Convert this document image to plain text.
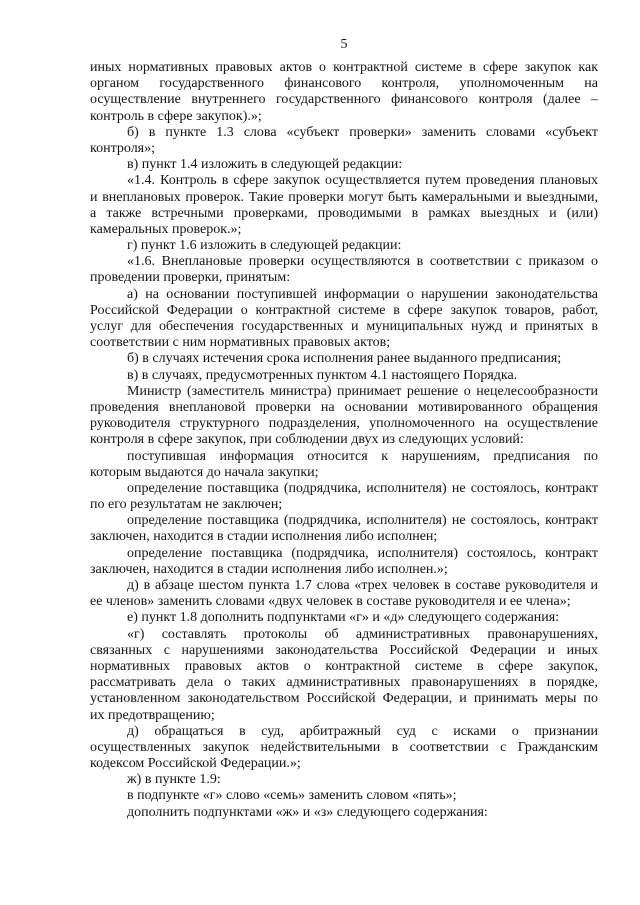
5
иных нормативных правовых актов о контрактной системе в сфере закупок как
органом государственного финансового контроля, уполномоченным на
осуществление внутреннего государственного финансового контроля (далее –
контроль в сфере закупок).»;
б) в пункте 1.3 слова «субъект проверки» заменить словами «субъект
контроля»;
в) пункт 1.4 изложить в следующей редакции:
«1.4. Контроль в сфере закупок осуществляется путем проведения плановых
и внеплановых проверок. Такие проверки могут быть камеральными и выездными,
а также встречными проверками, проводимыми в рамках выездных и (или)
камеральных проверок.»;
г) пункт 1.6 изложить в следующей редакции:
«1.6. Внеплановые проверки осуществляются в соответствии с приказом о
проведении проверки, принятым:
а) на основании поступившей информации о нарушении законодательства
Российской Федерации о контрактной системе в сфере закупок товаров, работ,
услуг для обеспечения государственных и муниципальных нужд и принятых в
соответствии с ним нормативных правовых актов;
б) в случаях истечения срока исполнения ранее выданного предписания;
в) в случаях, предусмотренных пунктом 4.1 настоящего Порядка.
Министр (заместитель министра) принимает решение о нецелесообразности
проведения внеплановой проверки на основании мотивированного обращения
руководителя структурного подразделения, уполномоченного на осуществление
контроля в сфере закупок, при соблюдении двух из следующих условий:
поступившая информация относится к нарушениям, предписания по
которым выдаются до начала закупки;
определение поставщика (подрядчика, исполнителя) не состоялось, контракт
по его результатам не заключен;
определение поставщика (подрядчика, исполнителя) не состоялось, контракт
заключен, находится в стадии исполнения либо исполнен;
определение поставщика (подрядчика, исполнителя) состоялось, контракт
заключен, находится в стадии исполнения либо исполнен.»;
д) в абзаце шестом пункта 1.7 слова «трех человек в составе руководителя и
ее членов» заменить словами «двух человек в составе руководителя и ее члена»;
е) пункт 1.8 дополнить подпунктами «г» и «д» следующего содержания:
«г) составлять протоколы об административных правонарушениях,
связанных с нарушениями законодательства Российской Федерации и иных
нормативных правовых актов о контрактной системе в сфере закупок,
рассматривать дела о таких административных правонарушениях в порядке,
установленном законодательством Российской Федерации, и принимать меры по
их предотвращению;
д) обращаться в суд, арбитражный суд с исками о признании
осуществленных закупок недействительными в соответствии с Гражданским
кодексом Российской Федерации.»;
ж) в пункте 1.9:
в подпункте «г» слово «семь» заменить словом «пять»;
дополнить подпунктами «ж» и «з» следующего содержания:
